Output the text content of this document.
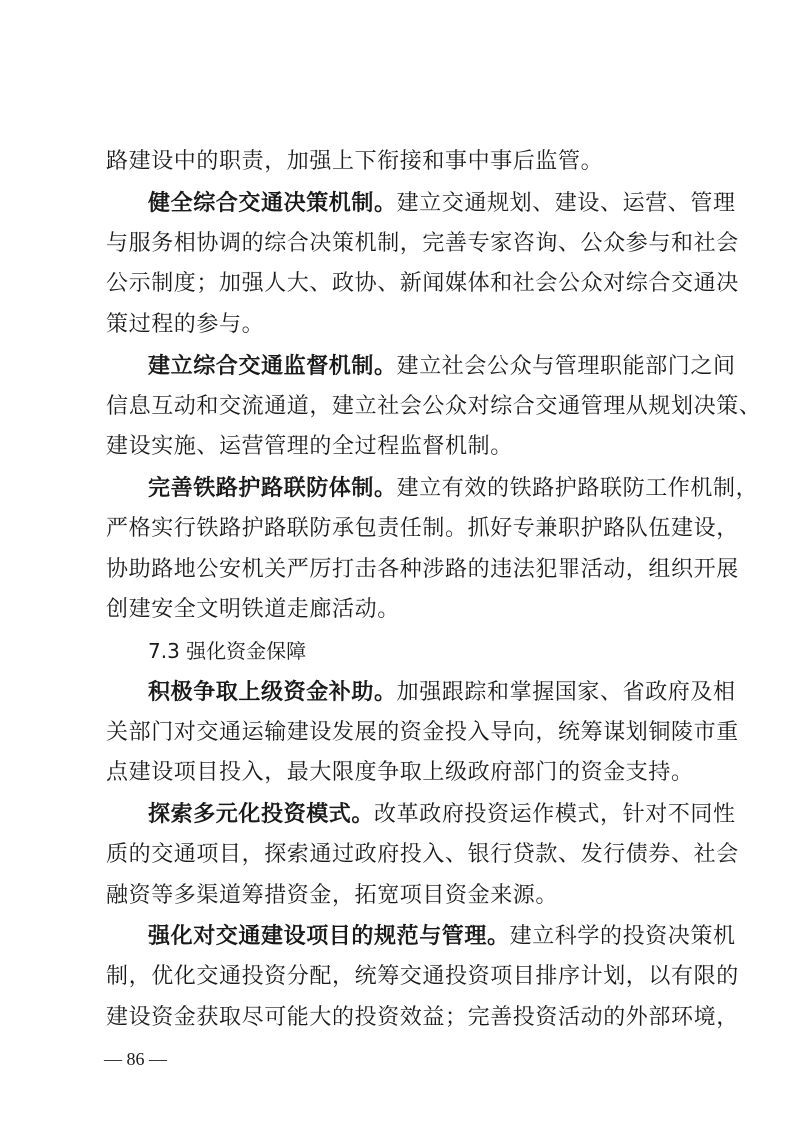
路建设中的职责，加强上下衔接和事中事后监管。
健全综合交通决策机制。建立交通规划、建设、运营、管理
与服务相协调的综合决策机制，完善专家咨询、公众参与和社会
公示制度；加强人大、政协、新闻媒体和社会公众对综合交通决
策过程的参与。
建立综合交通监督机制。建立社会公众与管理职能部门之间
信息互动和交流通道，建立社会公众对综合交通管理从规划决策、
建设实施、运营管理的全过程监督机制。
完善铁路护路联防体制。建立有效的铁路护路联防工作机制，
严格实行铁路护路联防承包责任制。抓好专兼职护路队伍建设，
协助路地公安机关严厉打击各种涉路的违法犯罪活动，组织开展
创建安全文明铁道走廊活动。
7.3 强化资金保障
积极争取上级资金补助。加强跟踪和掌握国家、省政府及相
关部门对交通运输建设发展的资金投入导向，统筹谋划铜陵市重
点建设项目投入，最大限度争取上级政府部门的资金支持。
探索多元化投资模式。改革政府投资运作模式，针对不同性
质的交通项目，探索通过政府投入、银行贷款、发行债券、社会
融资等多渠道筹措资金，拓宽项目资金来源。
强化对交通建设项目的规范与管理。建立科学的投资决策机
制，优化交通投资分配，统筹交通投资项目排序计划，以有限的
建设资金获取尽可能大的投资效益；完善投资活动的外部环境，
— 86 —
